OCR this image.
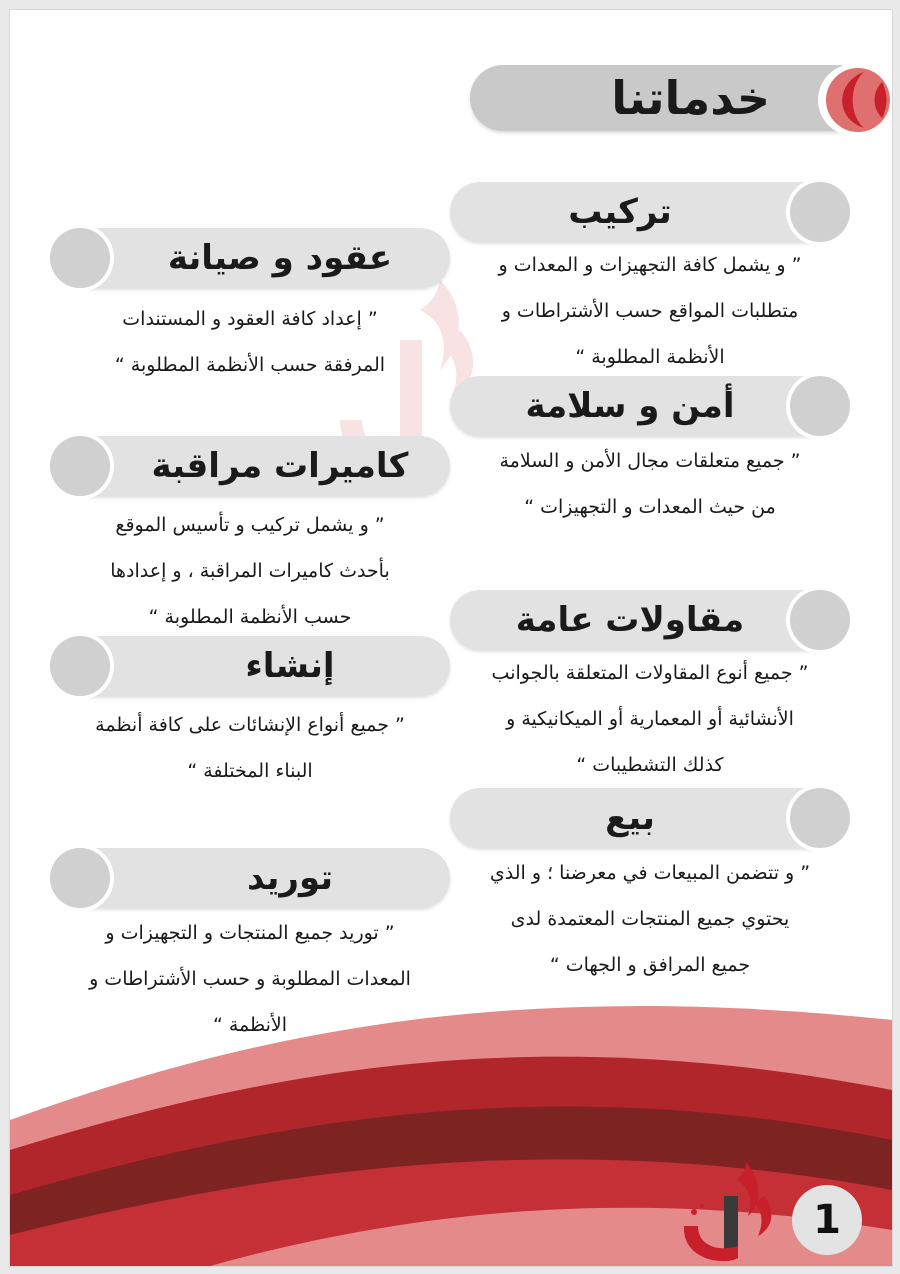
خدماتنا
تركيب
” و يشمل كافة التجهيزات و المعدات و
متطلبات المواقع حسب الأشتراطات و
الأنظمة المطلوبة “
عقود و صيانة
” إعداد كافة العقود و المستندات
المرفقة حسب الأنظمة المطلوبة “
أمن و سلامة
” جميع متعلقات مجال الأمن و السلامة
من حيث المعدات و التجهيزات “
كاميرات مراقبة
” و يشمل تركيب و تأسيس الموقع
بأحدث كاميرات المراقبة ، و إعدادها
حسب الأنظمة المطلوبة “	مقاولات عامة
” جميع أنوع المقاولات المتعلقة بالجوانب
الأنشائية أو المعمارية أو الميكانيكية و
كذلك التشطيبات “
إنشاء
” جميع أنواع الإنشائات على كافة أنظمة
البناء المختلفة “
بيع
” و تتضمن المبيعات في معرضنا ؛ و الذي
يحتوي جميع المنتجات المعتمدة لدى
جميع المرافق و الجهات “
توريد
” توريد جميع المنتجات و التجهيزات و
المعدات المطلوبة و حسب الأشتراطات و
الأنظمة “
1
